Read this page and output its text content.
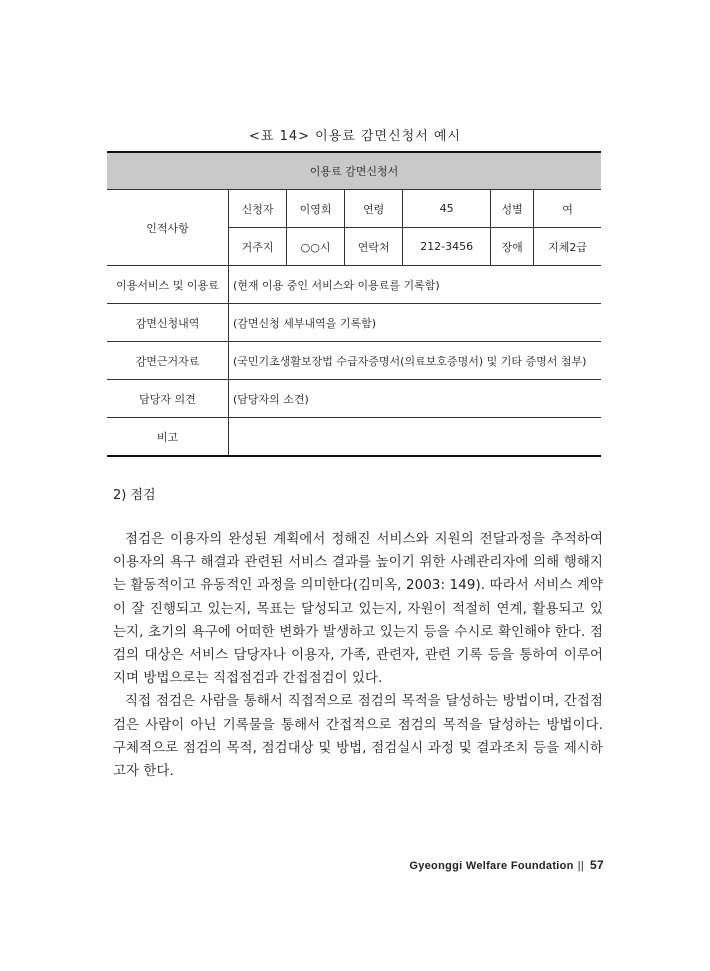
<표 14> 이용료 감면신청서 예시
이용료 감면신청서						
인적사항	신청자	이영희	연령	45	성별	여
	거주지	○○시	연락처	212-3456	장애	지체2급
이용서비스 및 이용료	(현재 이용 중인 서비스와 이용료를 기록함)					
감면신청내역	(감면신청 세부내역을 기록함)					
감면근거자료	(국민기초생활보장법 수급자증명서(의료보호증명서) 및 기타 증명서 첨부)					
담당자 의견	(담당자의 소견)					
비고						
2) 점검

점검은 이용자의 완성된 계획에서 정해진 서비스와 지원의 전달과정을 추적하여 이용자의 욕구 해결과 관련된 서비스 결과를 높이기 위한 사례관리자에 의해 행해지는 활동적이고 유동적인 과정을 의미한다(김미옥, 2003: 149). 따라서 서비스 계약이 잘 진행되고 있는지, 목표는 달성되고 있는지, 자원이 적절히 연계, 활용되고 있는지, 초기의 욕구에 어떠한 변화가 발생하고 있는지 등을 수시로 확인해야 한다. 점검의 대상은 서비스 담당자나 이용자, 가족, 관련자, 관련 기록 등을 통하여 이루어지며 방법으로는 직접점검과 간접점검이 있다.

직접 점검은 사람을 통해서 직접적으로 점검의 목적을 달성하는 방법이며, 간접점검은 사람이 아닌 기록물을 통해서 간접적으로 점검의 목적을 달성하는 방법이다. 구체적으로 점검의 목적, 점검대상 및 방법, 점검실시 과정 및 결과조치 등을 제시하고자 한다.

Gyeonggi Welfare Foundation || 57
